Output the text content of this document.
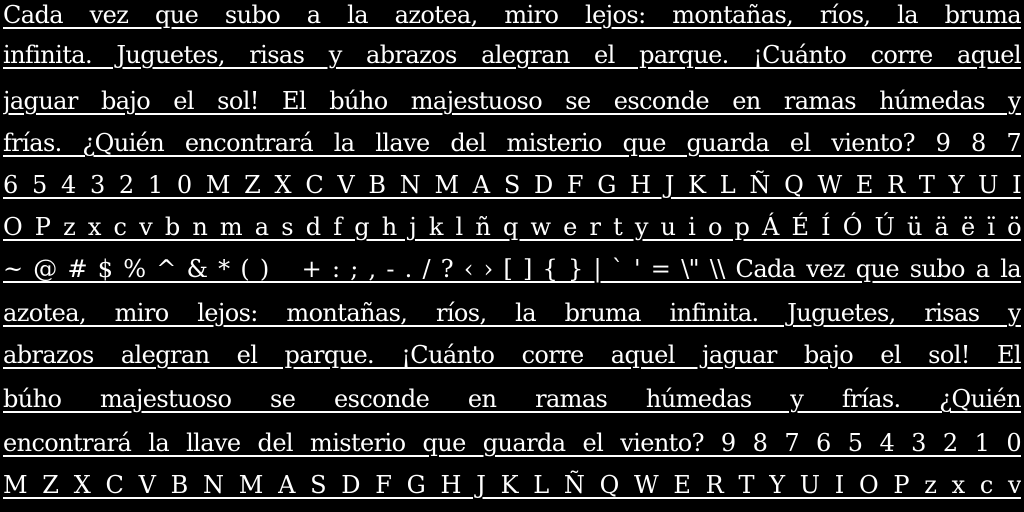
Cada vez que subo a la azotea, miro lejos: montañas, ríos, la bruma
infinita. Juguetes, risas y abrazos alegran el parque. ¡Cuánto corre aquel
jaguar bajo el sol! El búho majestuoso se esconde en ramas húmedas y
frías. ¿Quién encontrará la llave del misterio que guarda el viento? 9 8 7
6 5 4 3 2 1 0 M Z X C V B N M A S D F G H J K L Ñ Q W E R T Y U I
O P z x c v b n m a s d f g h j k l ñ q w e r t y u i o p Á É Í Ó Ú ü ä ë ï ö
~ @ # $ % ^ & * ( ) _ + : ; , - . / ? ‹ › [ ] { } | ` ' = \" \\ Cada vez que subo a la
azotea, miro lejos: montañas, ríos, la bruma infinita. Juguetes, risas y
abrazos alegran el parque. ¡Cuánto corre aquel jaguar bajo el sol! El
búho majestuoso se esconde en ramas húmedas y frías. ¿Quién
encontrará la llave del misterio que guarda el viento? 9 8 7 6 5 4 3 2 1 0
M Z X C V B N M A S D F G H J K L Ñ Q W E R T Y U I O P z x c v
